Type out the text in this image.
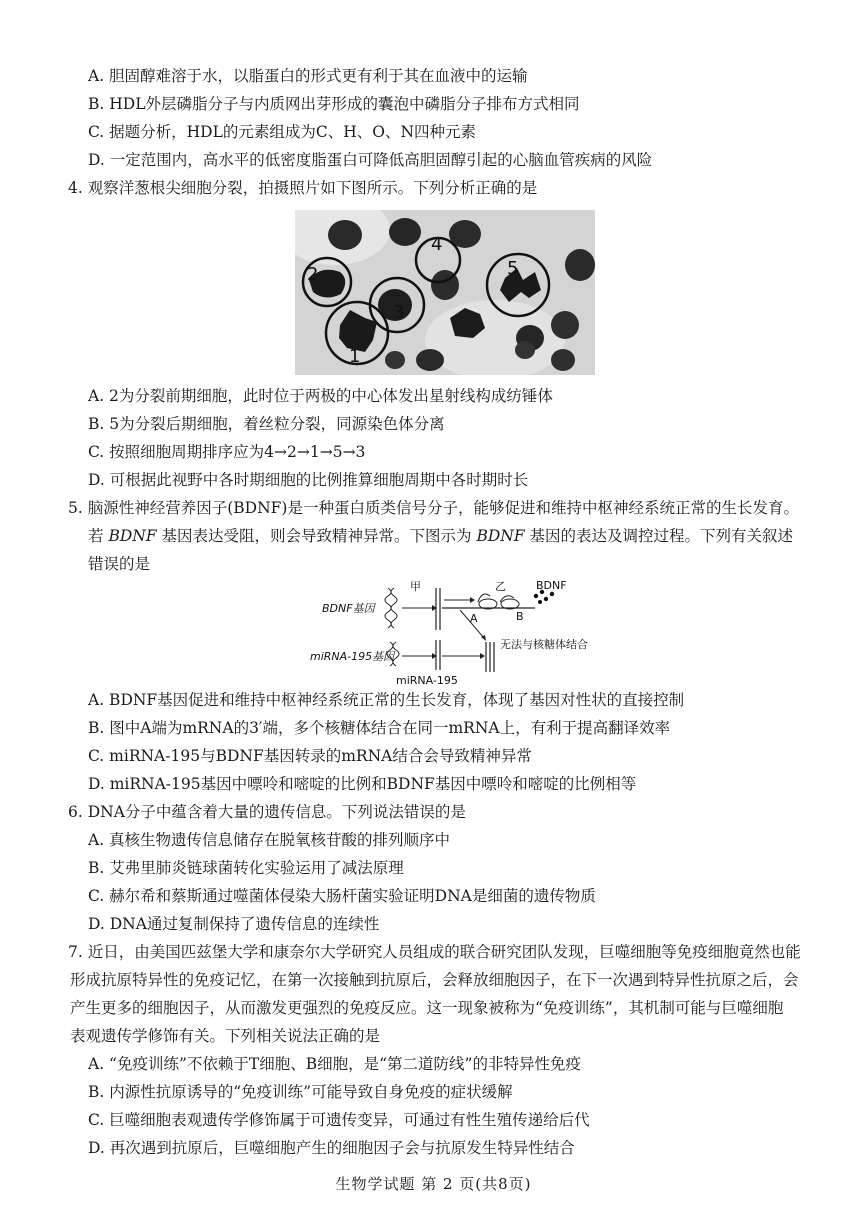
A. 胆固醇难溶于水，以脂蛋白的形式更有利于其在血液中的运输
B. HDL外层磷脂分子与内质网出芽形成的囊泡中磷脂分子排布方式相同
C. 据题分析，HDL的元素组成为C、H、O、N四种元素
D. 一定范围内，高水平的低密度脂蛋白可降低高胆固醇引起的心脑血管疾病的风险
4. 观察洋葱根尖细胞分裂，拍摄照片如下图所示。下列分析正确的是
1
2
3
4
5
A. 2为分裂前期细胞，此时位于两极的中心体发出星射线构成纺锤体
B. 5为分裂后期细胞，着丝粒分裂，同源染色体分离
C. 按照细胞周期排序应为4→2→1→5→3
D. 可根据此视野中各时期细胞的比例推算细胞周期中各时期时长
5. 脑源性神经营养因子(BDNF)是一种蛋白质类信号分子，能够促进和维持中枢神经系统正常的生长发育。
若 BDNF 基因表达受阻，则会导致精神异常。下图示为 BDNF 基因的表达及调控过程。下列有关叙述
错误的是
甲	乙	BDNF
BDNF基因
A	B
无法与核糖体结合
miRNA-195基因
miRNA-195
A. BDNF基因促进和维持中枢神经系统正常的生长发育，体现了基因对性状的直接控制
B. 图中A端为mRNA的3′端，多个核糖体结合在同一mRNA上，有利于提高翻译效率
C. miRNA-195与BDNF基因转录的mRNA结合会导致精神异常
D. miRNA-195基因中嘌呤和嘧啶的比例和BDNF基因中嘌呤和嘧啶的比例相等
6. DNA分子中蕴含着大量的遗传信息。下列说法错误的是
A. 真核生物遗传信息储存在脱氧核苷酸的排列顺序中
B. 艾弗里肺炎链球菌转化实验运用了减法原理
C. 赫尔希和蔡斯通过噬菌体侵染大肠杆菌实验证明DNA是细菌的遗传物质
D. DNA通过复制保持了遗传信息的连续性
7. 近日，由美国匹兹堡大学和康奈尔大学研究人员组成的联合研究团队发现，巨噬细胞等免疫细胞竟然也能
形成抗原特异性的免疫记忆，在第一次接触到抗原后，会释放细胞因子，在下一次遇到特异性抗原之后，会
产生更多的细胞因子，从而激发更强烈的免疫反应。这一现象被称为“免疫训练”，其机制可能与巨噬细胞
表观遗传学修饰有关。下列相关说法正确的是
A. “免疫训练”不依赖于T细胞、B细胞，是“第二道防线”的非特异性免疫
B. 内源性抗原诱导的“免疫训练”可能导致自身免疫的症状缓解
C. 巨噬细胞表观遗传学修饰属于可遗传变异，可通过有性生殖传递给后代
D. 再次遇到抗原后，巨噬细胞产生的细胞因子会与抗原发生特异性结合
生物学试题 第 2 页(共8页)
